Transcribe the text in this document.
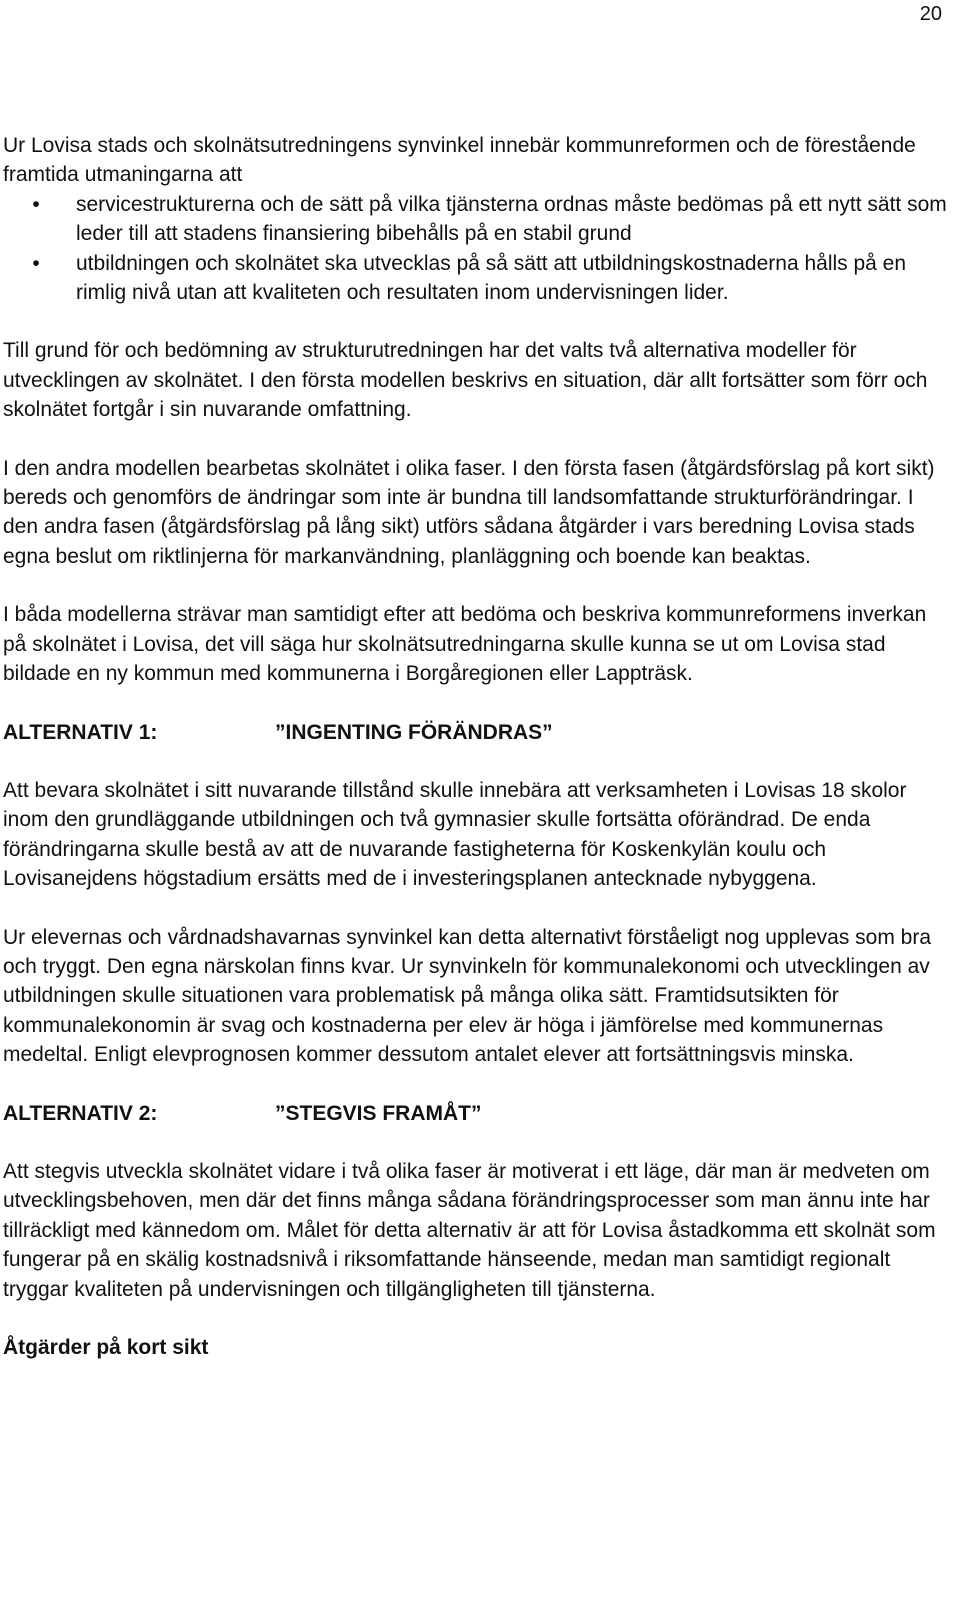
20

Ur Lovisa stads och skolnätsutredningens synvinkel innebär kommunreformen och de förestående framtida utmaningarna att

•	servicestrukturerna och de sätt på vilka tjänsterna ordnas måste bedömas på ett nytt sätt som leder till att stadens finansiering bibehålls på en stabil grund
•	utbildningen och skolnätet ska utvecklas på så sätt att utbildningskostnaderna hålls på en rimlig nivå utan att kvaliteten och resultaten inom undervisningen lider.

Till grund för och bedömning av strukturutredningen har det valts två alternativa modeller för utvecklingen av skolnätet. I den första modellen beskrivs en situation, där allt fortsätter som förr och skolnätet fortgår i sin nuvarande omfattning.

I den andra modellen bearbetas skolnätet i olika faser. I den första fasen (åtgärdsförslag på kort sikt) bereds och genomförs de ändringar som inte är bundna till landsomfattande strukturförändringar. I den andra fasen (åtgärdsförslag på lång sikt) utförs sådana åtgärder i vars beredning Lovisa stads egna beslut om riktlinjerna för markanvändning, planläggning och boende kan beaktas.

I båda modellerna strävar man samtidigt efter att bedöma och beskriva kommunreformens inverkan på skolnätet i Lovisa, det vill säga hur skolnätsutredningarna skulle kunna se ut om Lovisa stad bildade en ny kommun med kommunerna i Borgåregionen eller Lappträsk.

ALTERNATIV 1:	”INGENTING FÖRÄNDRAS”

Att bevara skolnätet i sitt nuvarande tillstånd skulle innebära att verksamheten i Lovisas 18 skolor inom den grundläggande utbildningen och två gymnasier skulle fortsätta oförändrad. De enda förändringarna skulle bestå av att de nuvarande fastigheterna för Koskenkylän koulu och Lovisanejdens högstadium ersätts med de i investeringsplanen antecknade nybyggena.

Ur elevernas och vårdnadshavarnas synvinkel kan detta alternativt förståeligt nog upplevas som bra och tryggt. Den egna närskolan finns kvar. Ur synvinkeln för kommunalekonomi och utvecklingen av utbildningen skulle situationen vara problematisk på många olika sätt. Framtidsutsikten för kommunalekonomin är svag och kostnaderna per elev är höga i jämförelse med kommunernas medeltal. Enligt elevprognosen kommer dessutom antalet elever att fortsättningsvis minska.

ALTERNATIV 2:	”STEGVIS FRAMÅT”

Att stegvis utveckla skolnätet vidare i två olika faser är motiverat i ett läge, där man är medveten om utvecklingsbehoven, men där det finns många sådana förändringsprocesser som man ännu inte har tillräckligt med kännedom om. Målet för detta alternativ är att för Lovisa åstadkomma ett skolnät som fungerar på en skälig kostnadsnivå i riksomfattande hänseende, medan man samtidigt regionalt tryggar kvaliteten på undervisningen och tillgängligheten till tjänsterna.

Åtgärder på kort sikt
